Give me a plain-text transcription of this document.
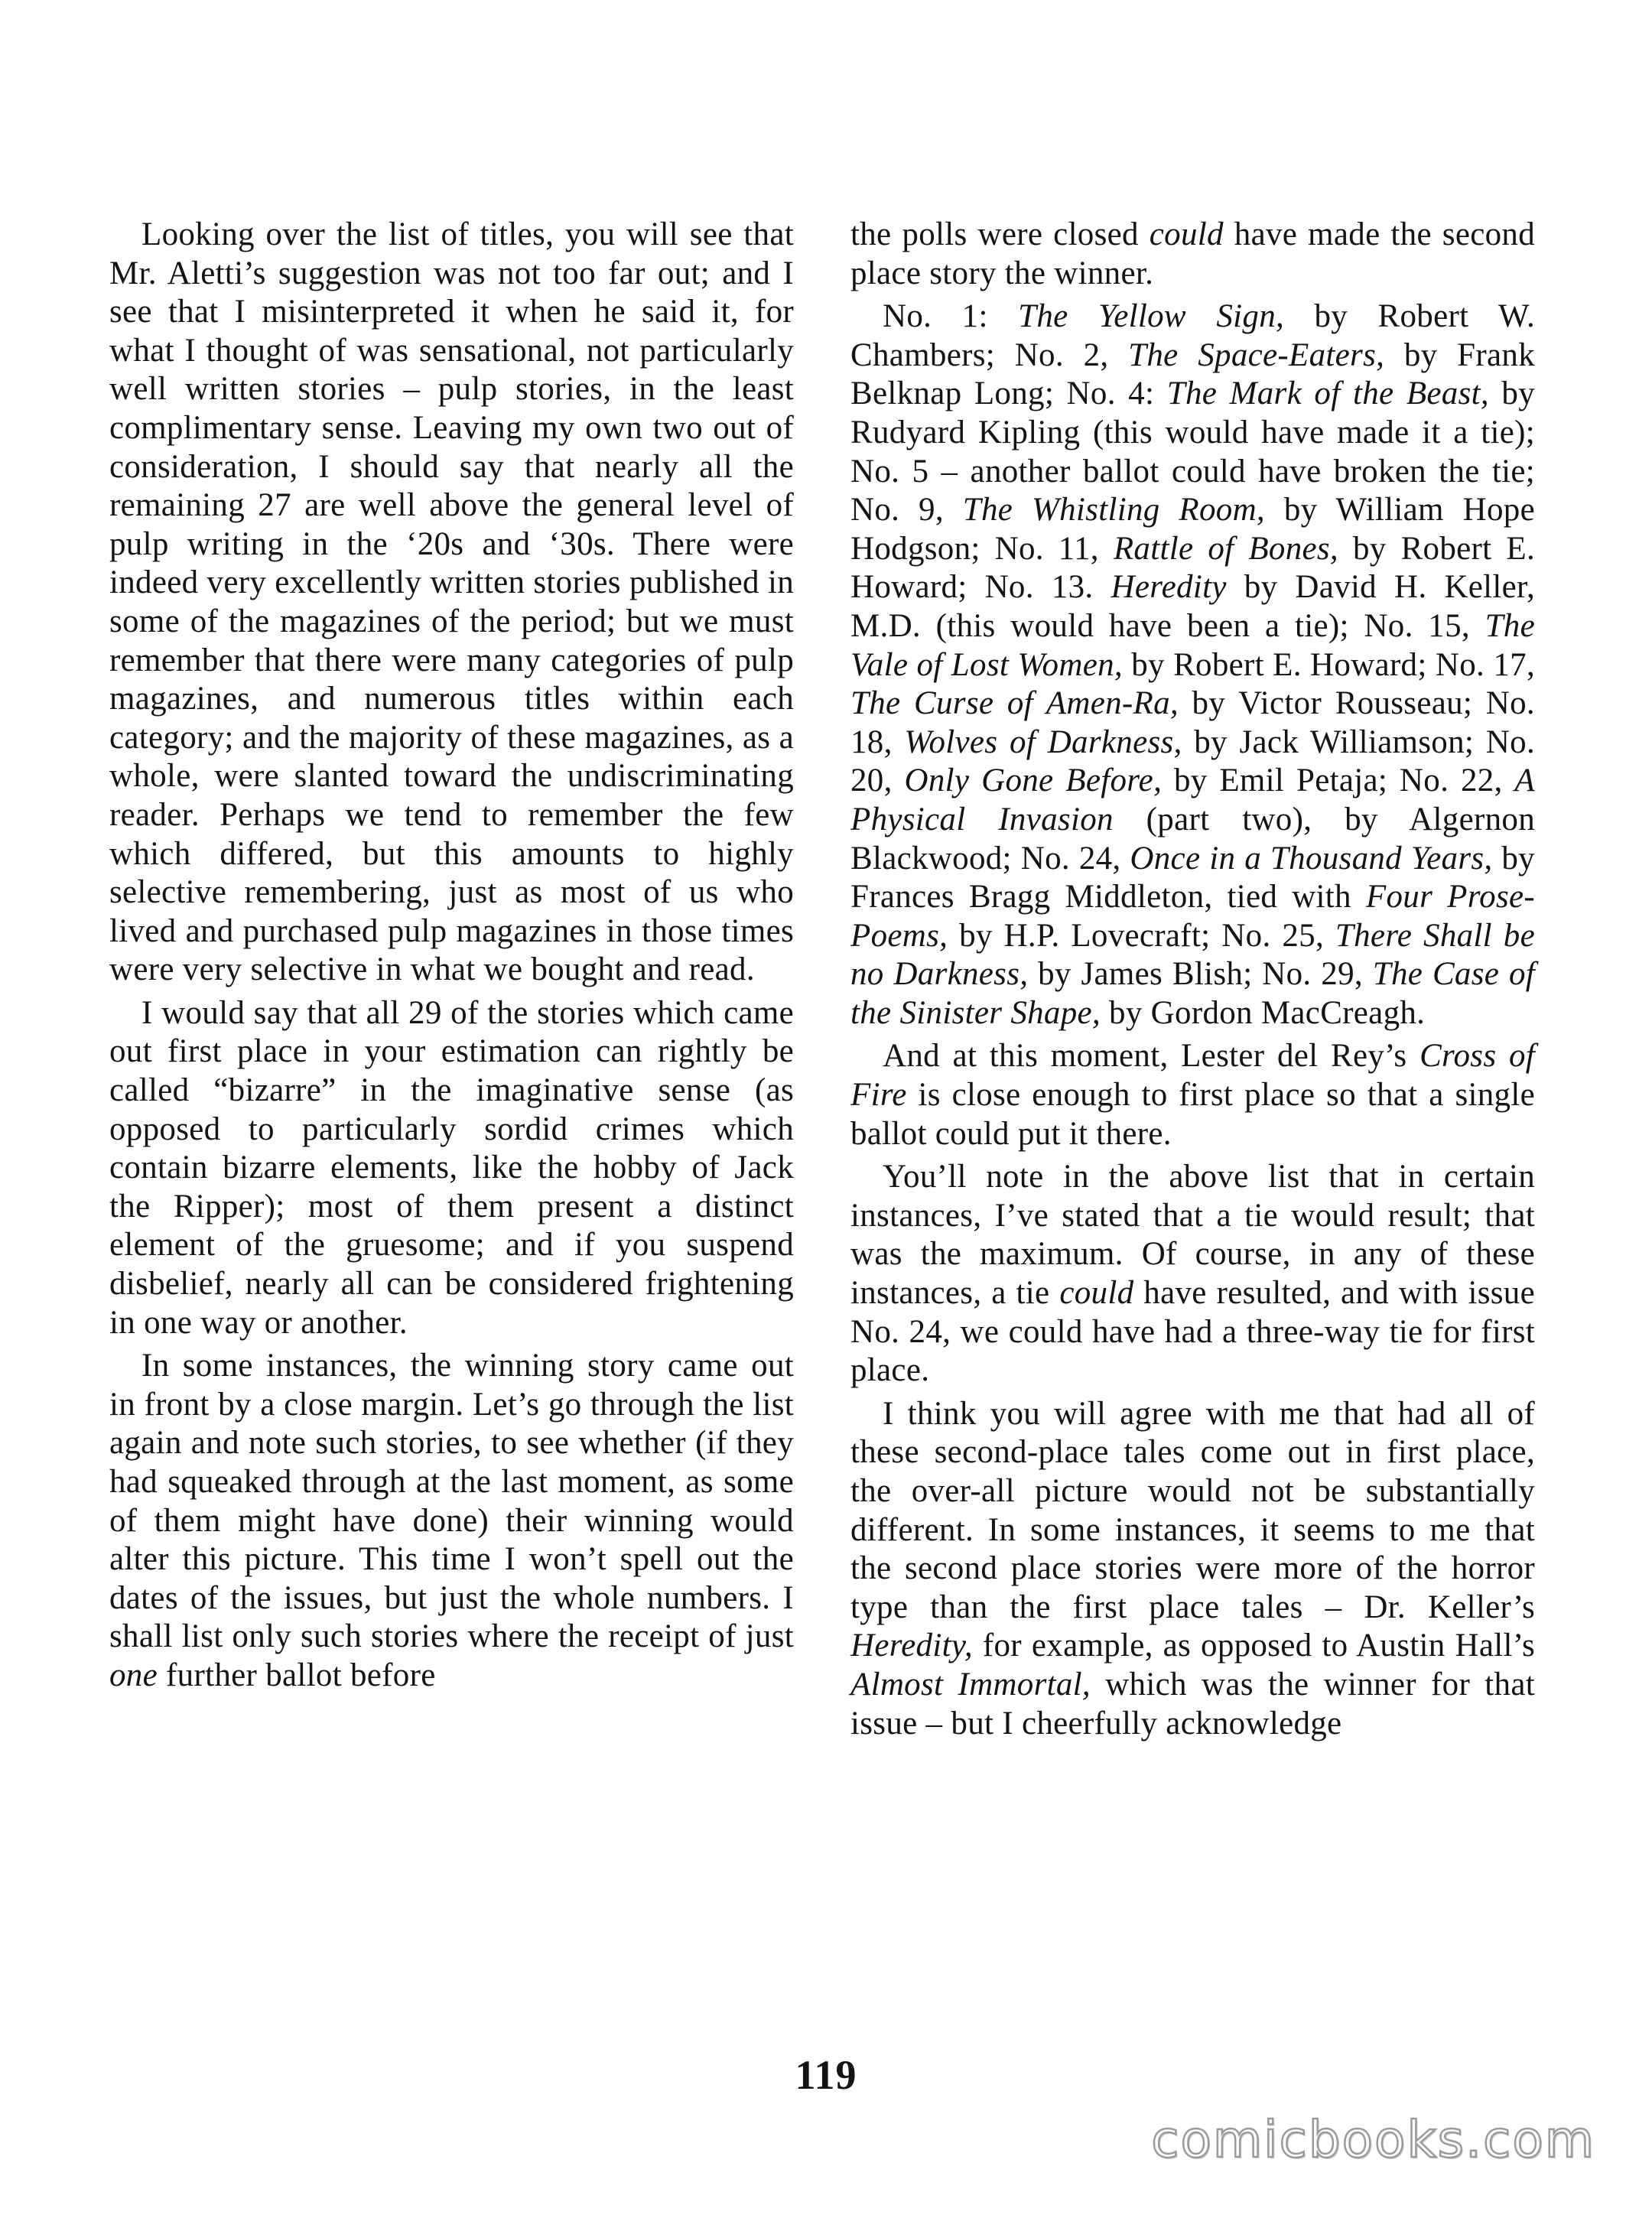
Looking over the list of titles, you will see that Mr. Aletti’s suggestion was not too far out; and I see that I misinterpreted it when he said it, for what I thought of was sensational, not particularly well written stories – pulp stories, in the least complimentary sense. Leaving my own two out of consideration, I should say that nearly all the remaining 27 are well above the general level of pulp writing in the ‘20s and ‘30s. There were indeed very excellently written stories published in some of the magazines of the period; but we must remember that there were many categories of pulp magazines, and numerous titles within each category; and the majority of these magazines, as a whole, were slanted toward the undiscriminating reader. Perhaps we tend to remember the few which differed, but this amounts to highly selective remembering, just as most of us who lived and purchased pulp magazines in those times were very selective in what we bought and read.

I would say that all 29 of the stories which came out first place in your estimation can rightly be called “bizarre” in the imaginative sense (as opposed to particularly sordid crimes which contain bizarre elements, like the hobby of Jack the Ripper); most of them present a distinct element of the gruesome; and if you suspend disbelief, nearly all can be considered frightening in one way or another.

In some instances, the winning story came out in front by a close margin. Let’s go through the list again and note such stories, to see whether (if they had squeaked through at the last moment, as some of them might have done) their winning would alter this picture. This time I won’t spell out the dates of the issues, but just the whole numbers. I shall list only such stories where the receipt of just one further ballot before

the polls were closed could have made the second place story the winner.

No. 1: The Yellow Sign, by Robert W. Chambers; No. 2, The Space-Eaters, by Frank Belknap Long; No. 4: The Mark of the Beast, by Rudyard Kipling (this would have made it a tie); No. 5 – another ballot could have broken the tie; No. 9, The Whistling Room, by William Hope Hodgson; No. 11, Rattle of Bones, by Robert E. Howard; No. 13. Heredity by David H. Keller, M.D. (this would have been a tie); No. 15, The Vale of Lost Women, by Robert E. Howard; No. 17, The Curse of Amen-Ra, by Victor Rousseau; No. 18, Wolves of Darkness, by Jack Williamson; No. 20, Only Gone Before, by Emil Petaja; No. 22, A Physical Invasion (part two), by Algernon Blackwood; No. 24, Once in a Thousand Years, by Frances Bragg Middleton, tied with Four Prose-Poems, by H.P. Lovecraft; No. 25, There Shall be no Darkness, by James Blish; No. 29, The Case of the Sinister Shape, by Gordon MacCreagh.

And at this moment, Lester del Rey’s Cross of Fire is close enough to first place so that a single ballot could put it there.

You’ll note in the above list that in certain instances, I’ve stated that a tie would result; that was the maximum. Of course, in any of these instances, a tie could have resulted, and with issue No. 24, we could have had a three-way tie for first place.

I think you will agree with me that had all of these second-place tales come out in first place, the over-all picture would not be substantially different. In some instances, it seems to me that the second place stories were more of the horror type than the first place tales – Dr. Keller’s Heredity, for example, as opposed to Austin Hall’s Almost Immortal, which was the winner for that issue – but I cheerfully acknowledge

119
comicbooks.com
